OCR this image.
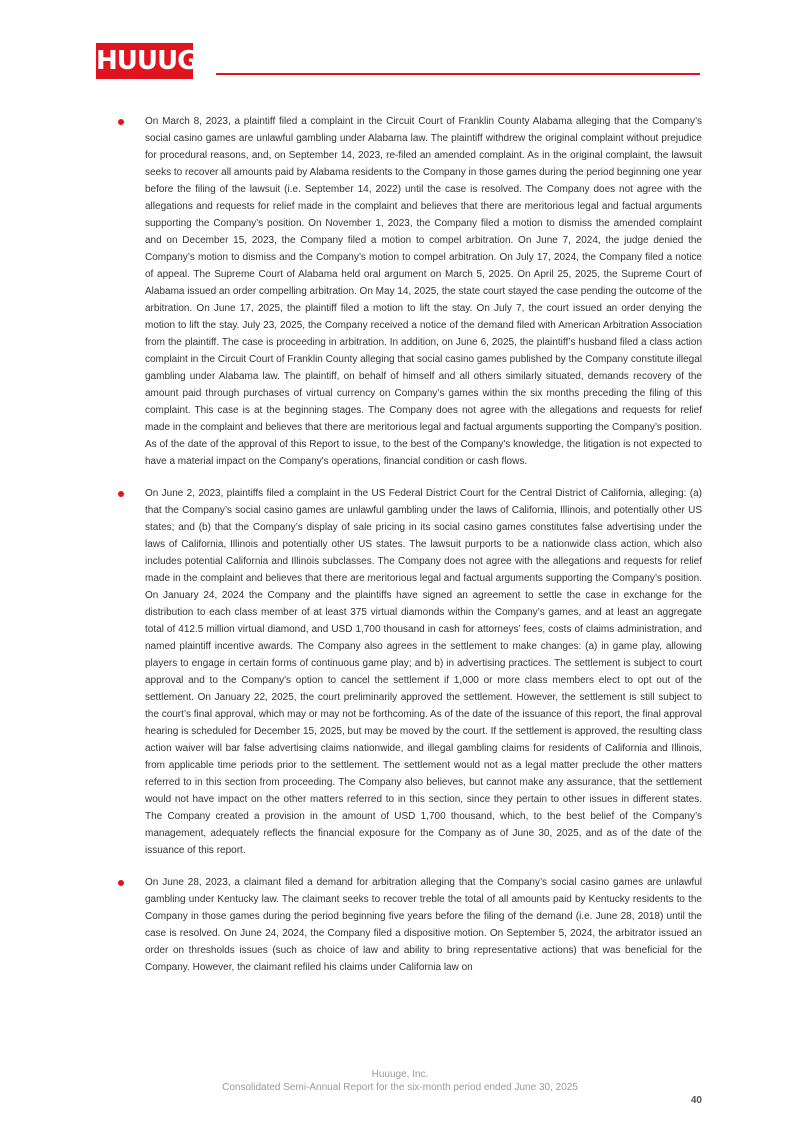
HUUUGE

On March 8, 2023, a plaintiff filed a complaint in the Circuit Court of Franklin County Alabama alleging that the Company’s social casino games are unlawful gambling under Alabama law. The plaintiff withdrew the original complaint without prejudice for procedural reasons, and, on September 14, 2023, re-filed an amended complaint. As in the original complaint, the lawsuit seeks to recover all amounts paid by Alabama residents to the Company in those games during the period beginning one year before the filing of the lawsuit (i.e. September 14, 2022) until the case is resolved. The Company does not agree with the allegations and requests for relief made in the complaint and believes that there are meritorious legal and factual arguments supporting the Company’s position. On November 1, 2023, the Company filed a motion to dismiss the amended complaint and on December 15, 2023, the Company filed a motion to compel arbitration. On June 7, 2024, the judge denied the Company’s motion to dismiss and the Company’s motion to compel arbitration. On July 17, 2024, the Company filed a notice of appeal. The Supreme Court of Alabama held oral argument on March 5, 2025. On April 25, 2025, the Supreme Court of Alabama issued an order compelling arbitration. On May 14, 2025, the state court stayed the case pending the outcome of the arbitration. On June 17, 2025, the plaintiff filed a motion to lift the stay. On July 7, the court issued an order denying the motion to lift the stay. July 23, 2025, the Company received a notice of the demand filed with American Arbitration Association from the plaintiff. The case is proceeding in arbitration. In addition, on June 6, 2025, the plaintiff’s husband filed a class action complaint in the Circuit Court of Franklin County alleging that social casino games published by the Company constitute illegal gambling under Alabama law. The plaintiff, on behalf of himself and all others similarly situated, demands recovery of the amount paid through purchases of virtual currency on Company’s games within the six months preceding the filing of this complaint. This case is at the beginning stages. The Company does not agree with the allegations and requests for relief made in the complaint and believes that there are meritorious legal and factual arguments supporting the Company’s position. As of the date of the approval of this Report to issue, to the best of the Company's knowledge, the litigation is not expected to have a material impact on the Company's operations, financial condition or cash flows.

On June 2, 2023, plaintiffs filed a complaint in the US Federal District Court for the Central District of California, alleging: (a) that the Company’s social casino games are unlawful gambling under the laws of California, Illinois, and potentially other US states; and (b) that the Company’s display of sale pricing in its social casino games constitutes false advertising under the laws of California, Illinois and potentially other US states. The lawsuit purports to be a nationwide class action, which also includes potential California and Illinois subclasses. The Company does not agree with the allegations and requests for relief made in the complaint and believes that there are meritorious legal and factual arguments supporting the Company’s position. On January 24, 2024 the Company and the plaintiffs have signed an agreement to settle the case in exchange for the distribution to each class member of at least 375 virtual diamonds within the Company’s games, and at least an aggregate total of 412.5 million virtual diamond, and USD 1,700 thousand in cash for attorneys’ fees, costs of claims administration, and named plaintiff incentive awards. The Company also agrees in the settlement to make changes: (a) in game play, allowing players to engage in certain forms of continuous game play; and b) in advertising practices. The settlement is subject to court approval and to the Company's option to cancel the settlement if 1,000 or more class members elect to opt out of the settlement. On January 22, 2025, the court preliminarily approved the settlement. However, the settlement is still subject to the court’s final approval, which may or may not be forthcoming. As of the date of the issuance of this report, the final approval hearing is scheduled for December 15, 2025, but may be moved by the court. If the settlement is approved, the resulting class action waiver will bar false advertising claims nationwide, and illegal gambling claims for residents of California and Illinois, from applicable time periods prior to the settlement. The settlement would not as a legal matter preclude the other matters referred to in this section from proceeding. The Company also believes, but cannot make any assurance, that the settlement would not have impact on the other matters referred to in this section, since they pertain to other issues in different states. The Company created a provision in the amount of USD 1,700 thousand, which, to the best belief of the Company’s management, adequately reflects the financial exposure for the Company as of June 30, 2025, and as of the date of the issuance of this report.

On June 28, 2023, a claimant filed a demand for arbitration alleging that the Company’s social casino games are unlawful gambling under Kentucky law. The claimant seeks to recover treble the total of all amounts paid by Kentucky residents to the Company in those games during the period beginning five years before the filing of the demand (i.e. June 28, 2018) until the case is resolved. On June 24, 2024, the Company filed a dispositive motion. On September 5, 2024, the arbitrator issued an order on thresholds issues (such as choice of law and ability to bring representative actions) that was beneficial for the Company. However, the claimant refiled his claims under California law on

Huuuge, Inc.
Consolidated Semi-Annual Report for the six-month period ended June 30, 2025
40
